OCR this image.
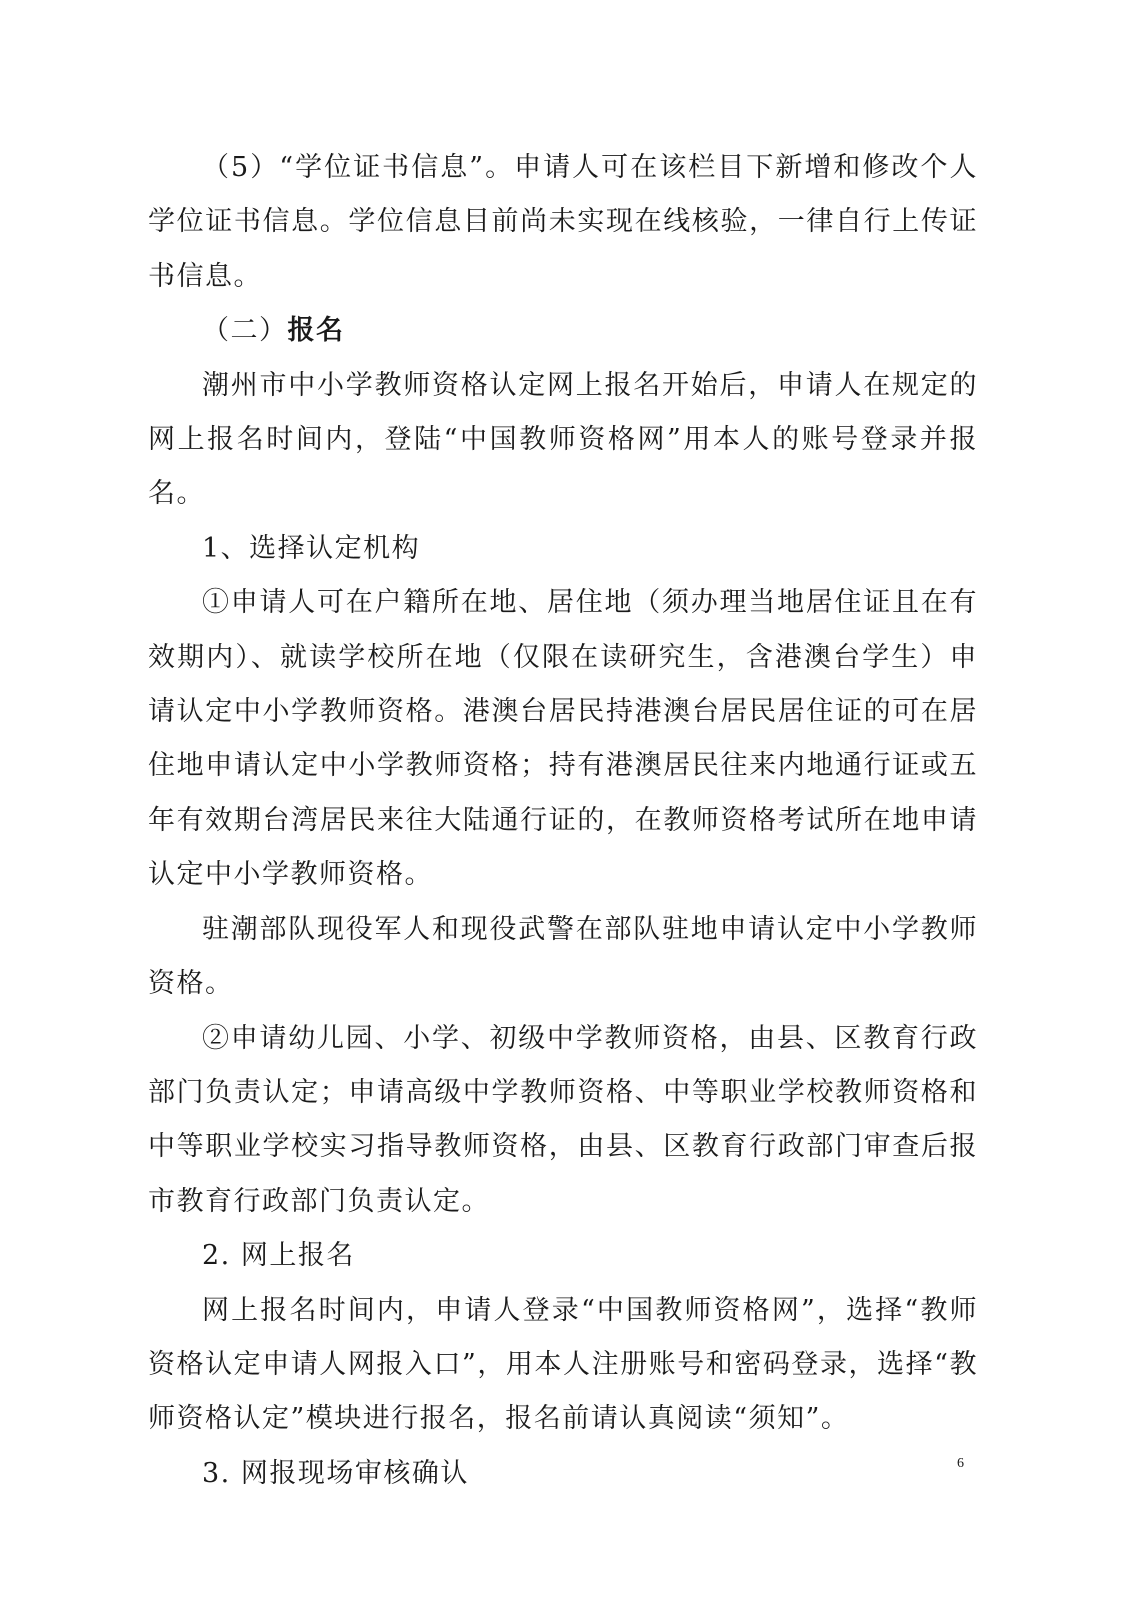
（5）“学位证书信息”。申请人可在该栏目下新增和修改个人学位证书信息。学位信息目前尚未实现在线核验，一律自行上传证书信息。

（二）报名

潮州市中小学教师资格认定网上报名开始后，申请人在规定的网上报名时间内，登陆“中国教师资格网”用本人的账号登录并报名。

1、选择认定机构

①申请人可在户籍所在地、居住地（须办理当地居住证且在有效期内）、就读学校所在地（仅限在读研究生，含港澳台学生）申请认定中小学教师资格。港澳台居民持港澳台居民居住证的可在居住地申请认定中小学教师资格；持有港澳居民往来内地通行证或五年有效期台湾居民来往大陆通行证的，在教师资格考试所在地申请认定中小学教师资格。

驻潮部队现役军人和现役武警在部队驻地申请认定中小学教师资格。

②申请幼儿园、小学、初级中学教师资格，由县、区教育行政部门负责认定；申请高级中学教师资格、中等职业学校教师资格和中等职业学校实习指导教师资格，由县、区教育行政部门审查后报市教育行政部门负责认定。

2. 网上报名

网上报名时间内，申请人登录“中国教师资格网”，选择“教师资格认定申请人网报入口”，用本人注册账号和密码登录，选择“教师资格认定”模块进行报名，报名前请认真阅读“须知”。

3. 网报现场审核确认	6
